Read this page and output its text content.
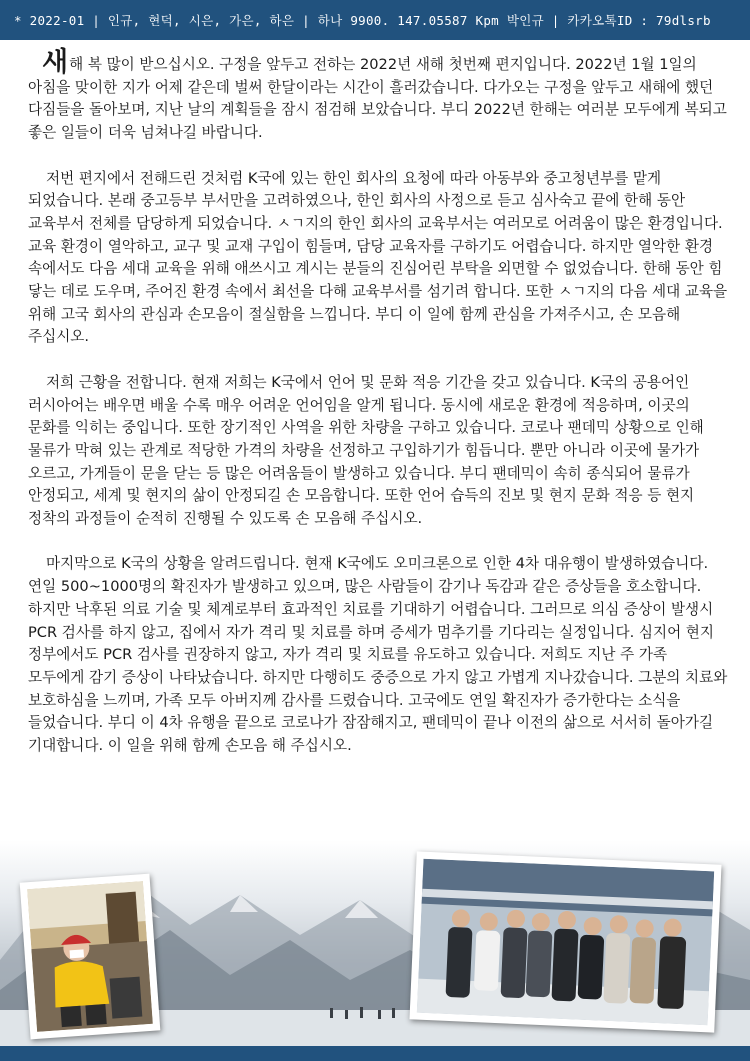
* 2022-01 | 인규, 현덕, 시은, 가은, 하은 | 하나 9900. 147.05587 Kpm 박인규 | 카카오톡ID : 79dlsrb

새해 복 많이 받으십시오. 구정을 앞두고 전하는 2022년 새해 첫번째 편지입니다. 2022년 1월 1일의 아침을 맞이한 지가 어제 같은데 벌써 한달이라는 시간이 흘러갔습니다. 다가오는 구정을 앞두고 새해에 했던 다짐들을 돌아보며, 지난 날의 계획들을 잠시 점검해 보았습니다. 부디 2022년 한해는 여러분 모두에게 복되고 좋은 일들이 더욱 넘쳐나길 바랍니다.

저번 편지에서 전해드린 것처럼 K국에 있는 한인 회사의 요청에 따라 아동부와 중고청년부를 맡게 되었습니다. 본래 중고등부 부서만을 고려하였으나, 한인 회사의 사정으로 듣고 심사숙고 끝에 한해 동안 교육부서 전체를 담당하게 되었습니다. ㅅㄱ지의 한인 회사의 교육부서는 여러모로 어려움이 많은 환경입니다. 교육 환경이 열악하고, 교구 및 교재 구입이 힘들며, 담당 교육자를 구하기도 어렵습니다. 하지만 열악한 환경 속에서도 다음 세대 교육을 위해 애쓰시고 계시는 분들의 진심어린 부탁을 외면할 수 없었습니다. 한해 동안 힘 닿는 데로 도우며, 주어진 환경 속에서 최선을 다해 교육부서를 섬기려 합니다. 또한 ㅅㄱ지의 다음 세대 교육을 위해 고국 회사의 관심과 손모음이 절실함을 느낍니다. 부디 이 일에 함께 관심을 가져주시고, 손 모음해 주십시오.

저희 근황을 전합니다. 현재 저희는 K국에서 언어 및 문화 적응 기간을 갖고 있습니다. K국의 공용어인 러시아어는 배우면 배울 수록 매우 어려운 언어임을 알게 됩니다. 동시에 새로운 환경에 적응하며, 이곳의 문화를 익히는 중입니다. 또한 장기적인 사역을 위한 차량을 구하고 있습니다. 코로나 팬데믹 상황으로 인해 물류가 막혀 있는 관계로 적당한 가격의 차량을 선정하고 구입하기가 힘듭니다. 뿐만 아니라 이곳에 물가가 오르고, 가게들이 문을 닫는 등 많은 어려움들이 발생하고 있습니다. 부디 팬데믹이 속히 종식되어 물류가 안정되고, 세계 및 현지의 삶이 안정되길 손 모음합니다. 또한 언어 습득의 진보 및 현지 문화 적응 등 현지 정착의 과정들이 순적히 진행될 수 있도록 손 모음해 주십시오.

마지막으로 K국의 상황을 알려드립니다. 현재 K국에도 오미크론으로 인한 4차 대유행이 발생하였습니다. 연일 500~1000명의 확진자가 발생하고 있으며, 많은 사람들이 감기나 독감과 같은 증상들을 호소합니다. 하지만 낙후된 의료 기술 및 체계로부터 효과적인 치료를 기대하기 어렵습니다. 그러므로 의심 증상이 발생시 PCR 검사를 하지 않고, 집에서 자가 격리 및 치료를 하며 증세가 멈추기를 기다리는 실정입니다. 심지어 현지 정부에서도 PCR 검사를 권장하지 않고, 자가 격리 및 치료를 유도하고 있습니다. 저희도 지난 주 가족 모두에게 감기 증상이 나타났습니다. 하지만 다행히도 중증으로 가지 않고 가볍게 지나갔습니다. 그분의 치료와 보호하심을 느끼며, 가족 모두 아버지께 감사를 드렸습니다. 고국에도 연일 확진자가 증가한다는 소식을 들었습니다. 부디 이 4차 유행을 끝으로 코로나가 잠잠해지고, 팬데믹이 끝나 이전의 삶으로 서서히 돌아가길 기대합니다. 이 일을 위해 함께 손모음 해 주십시오.
